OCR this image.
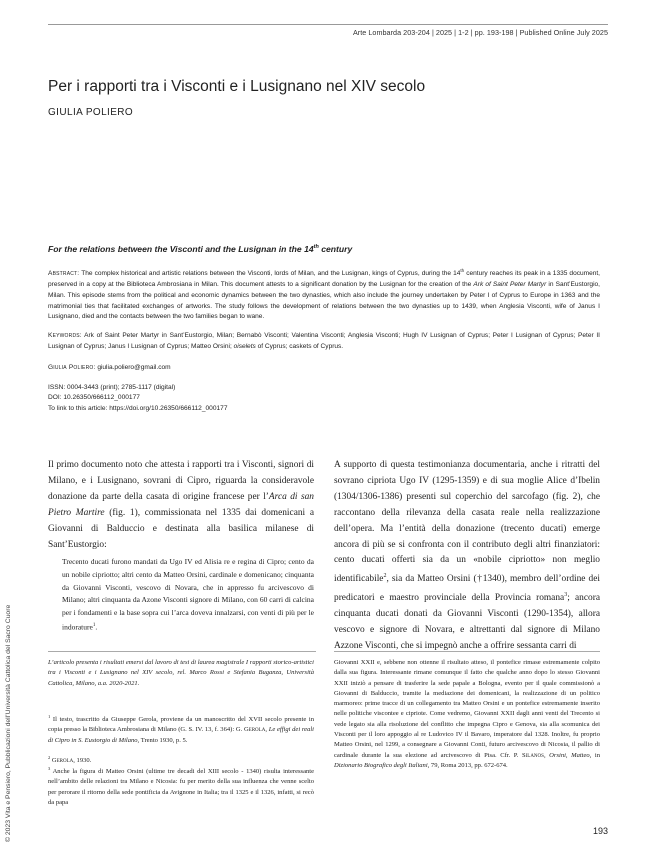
Arte Lombarda 203-204 | 2025 | 1-2 | pp. 193-198 | Published Online July 2025
Per i rapporti tra i Visconti e i Lusignano nel XIV secolo
GIULIA POLIERO
For the relations between the Visconti and the Lusignan in the 14th century

Abstract: The complex historical and artistic relations between the Visconti, lords of Milan, and the Lusignan, kings of Cyprus, during the 14th century reaches its peak in a 1335 document, preserved in a copy at the Biblioteca Ambrosiana in Milan. This document attests to a significant donation by the Lusignan for the creation of the Ark of Saint Peter Martyr in Sant’Eustorgio, Milan. This episode stems from the political and economic dynamics between the two dynasties, which also include the journey undertaken by Peter I of Cyprus to Europe in 1363 and the matrimonial ties that facilitated exchanges of artworks. The study follows the development of relations between the two dynasties up to 1439, when Anglesia Visconti, wife of Janus I Lusignano, died and the contacts between the two families began to wane.

Keywords: Ark of Saint Peter Martyr in Sant’Eustorgio, Milan; Bernabò Visconti; Valentina Visconti; Anglesia Visconti; Hugh IV Lusignan of Cyprus; Peter I Lusignan of Cyprus; Peter II Lusignan of Cyprus; Janus I Lusignan of Cyprus; Matteo Orsini; oiselets of Cyprus; caskets of Cyprus.

Giulia Poliero: giulia.poliero@gmail.com

ISSN: 0004-3443 (print); 2785-1117 (digital)
DOI: 10.26350/666112_000177
To link to this article: https://doi.org/10.26350/666112_000177

Il primo documento noto che attesta i rapporti tra i Visconti, signori di Milano, e i Lusignano, sovrani di Cipro, riguarda la consideravole donazione da parte della casata di origine francese per l’Arca di san Pietro Martire (fig. 1), commissionata nel 1335 dai domenicani a Giovanni di Balduccio e destinata alla basilica milanese di Sant’Eustorgio:

Trecento ducati furono mandati da Ugo IV ed Alisia re e regina di Cipro; cento da un nobile cipriotto; altri cento da Matteo Orsini, cardinale e domenicano; cinquanta da Giovanni Visconti, vescovo di Novara, che in appresso fu arcivescovo di Milano; altri cinquanta da Azone Visconti signore di Milano, con 60 carri di calcina per i fondamenti e la base sopra cui l’arca doveva innalzarsi, con venti di più per le indorature$^1$.

A supporto di questa testimonianza documentaria, anche i ritratti del sovrano cipriota Ugo IV (1295-1359) e di sua moglie Alice d’Ibelin (1304/1306-1386) presenti sul coperchio del sarcofago (fig. 2), che raccontano della rilevanza della casata reale nella realizzazione dell’opera. Ma l’entità della donazione (trecento ducati) emerge ancora di più se si confronta con il contributo degli altri finanziatori: cento ducati offerti sia da un «nobile cipriotto» non meglio identificabile$^2$, sia da Matteo Orsini (†1340), membro dell’ordine dei predicatori e maestro provinciale della Provincia romana$^3$; ancora cinquanta ducati donati da Giovanni Visconti (1290-1354), allora vescovo e signore di Novara, e altrettanti dal signore di Milano Azzone Visconti, che si impegnò anche a offrire sessanta carri di

L’articolo presenta i risultati emersi dal lavoro di tesi di laurea magistrale I rapporti storico-artistici tra i Visconti e i Lusignano nel XIV secolo, rel. Marco Rossi e Stefania Buganza, Università Cattolica, Milano, a.a. 2020-2021.

$^1$ Il testo, trascritto da Giuseppe Gerola, proviene da un manoscritto del XVII secolo presente in copia presso la Biblioteca Ambrosiana di Milano (G. S. IV. 13, f. 364): G. Gerola, Le effigi dei reali di Cipro in S. Eustorgio di Milano, Trento 1930, p. 5.

$^2$ Gerola, 1930.

$^3$ Anche la figura di Matteo Orsini (ultime tre decadi del XIII secolo - 1340) risulta interessante nell’ambito delle relazioni tra Milano e Nicosia: fu per merito della sua influenza che venne scelto per perorare il ritorno della sede pontificia da Avignone in Italia; tra il 1325 e il 1326, infatti, si recò da papa

Giovanni XXII e, sebbene non ottenne il risultato atteso, il pontefice rimase estremamente colpito dalla sua figura. Interessante rimane comunque il fatto che qualche anno dopo lo stesso Giovanni XXII iniziò a pensare di trasferire la sede papale a Bologna, evento per il quale commissionò a Giovanni di Balduccio, tramite la mediazione dei domenicani, la realizzazione di un politico marmoreo: prime tracce di un collegamento tra Matteo Orsini e un pontefice estremamente inserito nelle politiche viscontee e cipriote. Come vedremo, Giovanni XXII dagli anni venti del Trecento si vede legato sia alla risoluzione del conflitto che impegna Cipro e Genova, sia alla scomunica dei Visconti per il loro appoggio al re Ludovico IV il Bavaro, imperatore dal 1328. Inoltre, fu proprio Matteo Orsini, nel 1299, a consegnare a Giovanni Conti, futuro arcivescovo di Nicosia, il pallio di cardinale durante la sua elezione ad arcivescovo di Pisa. Cfr. P. Silanos, Orsini, Matteo, in Dizionario Biografico degli Italiani, 79, Roma 2013, pp. 672-674.

© 2023 Vita e Pensiero, Pubblicazioni dell’Università Cattolica del Sacro Cuore	193
